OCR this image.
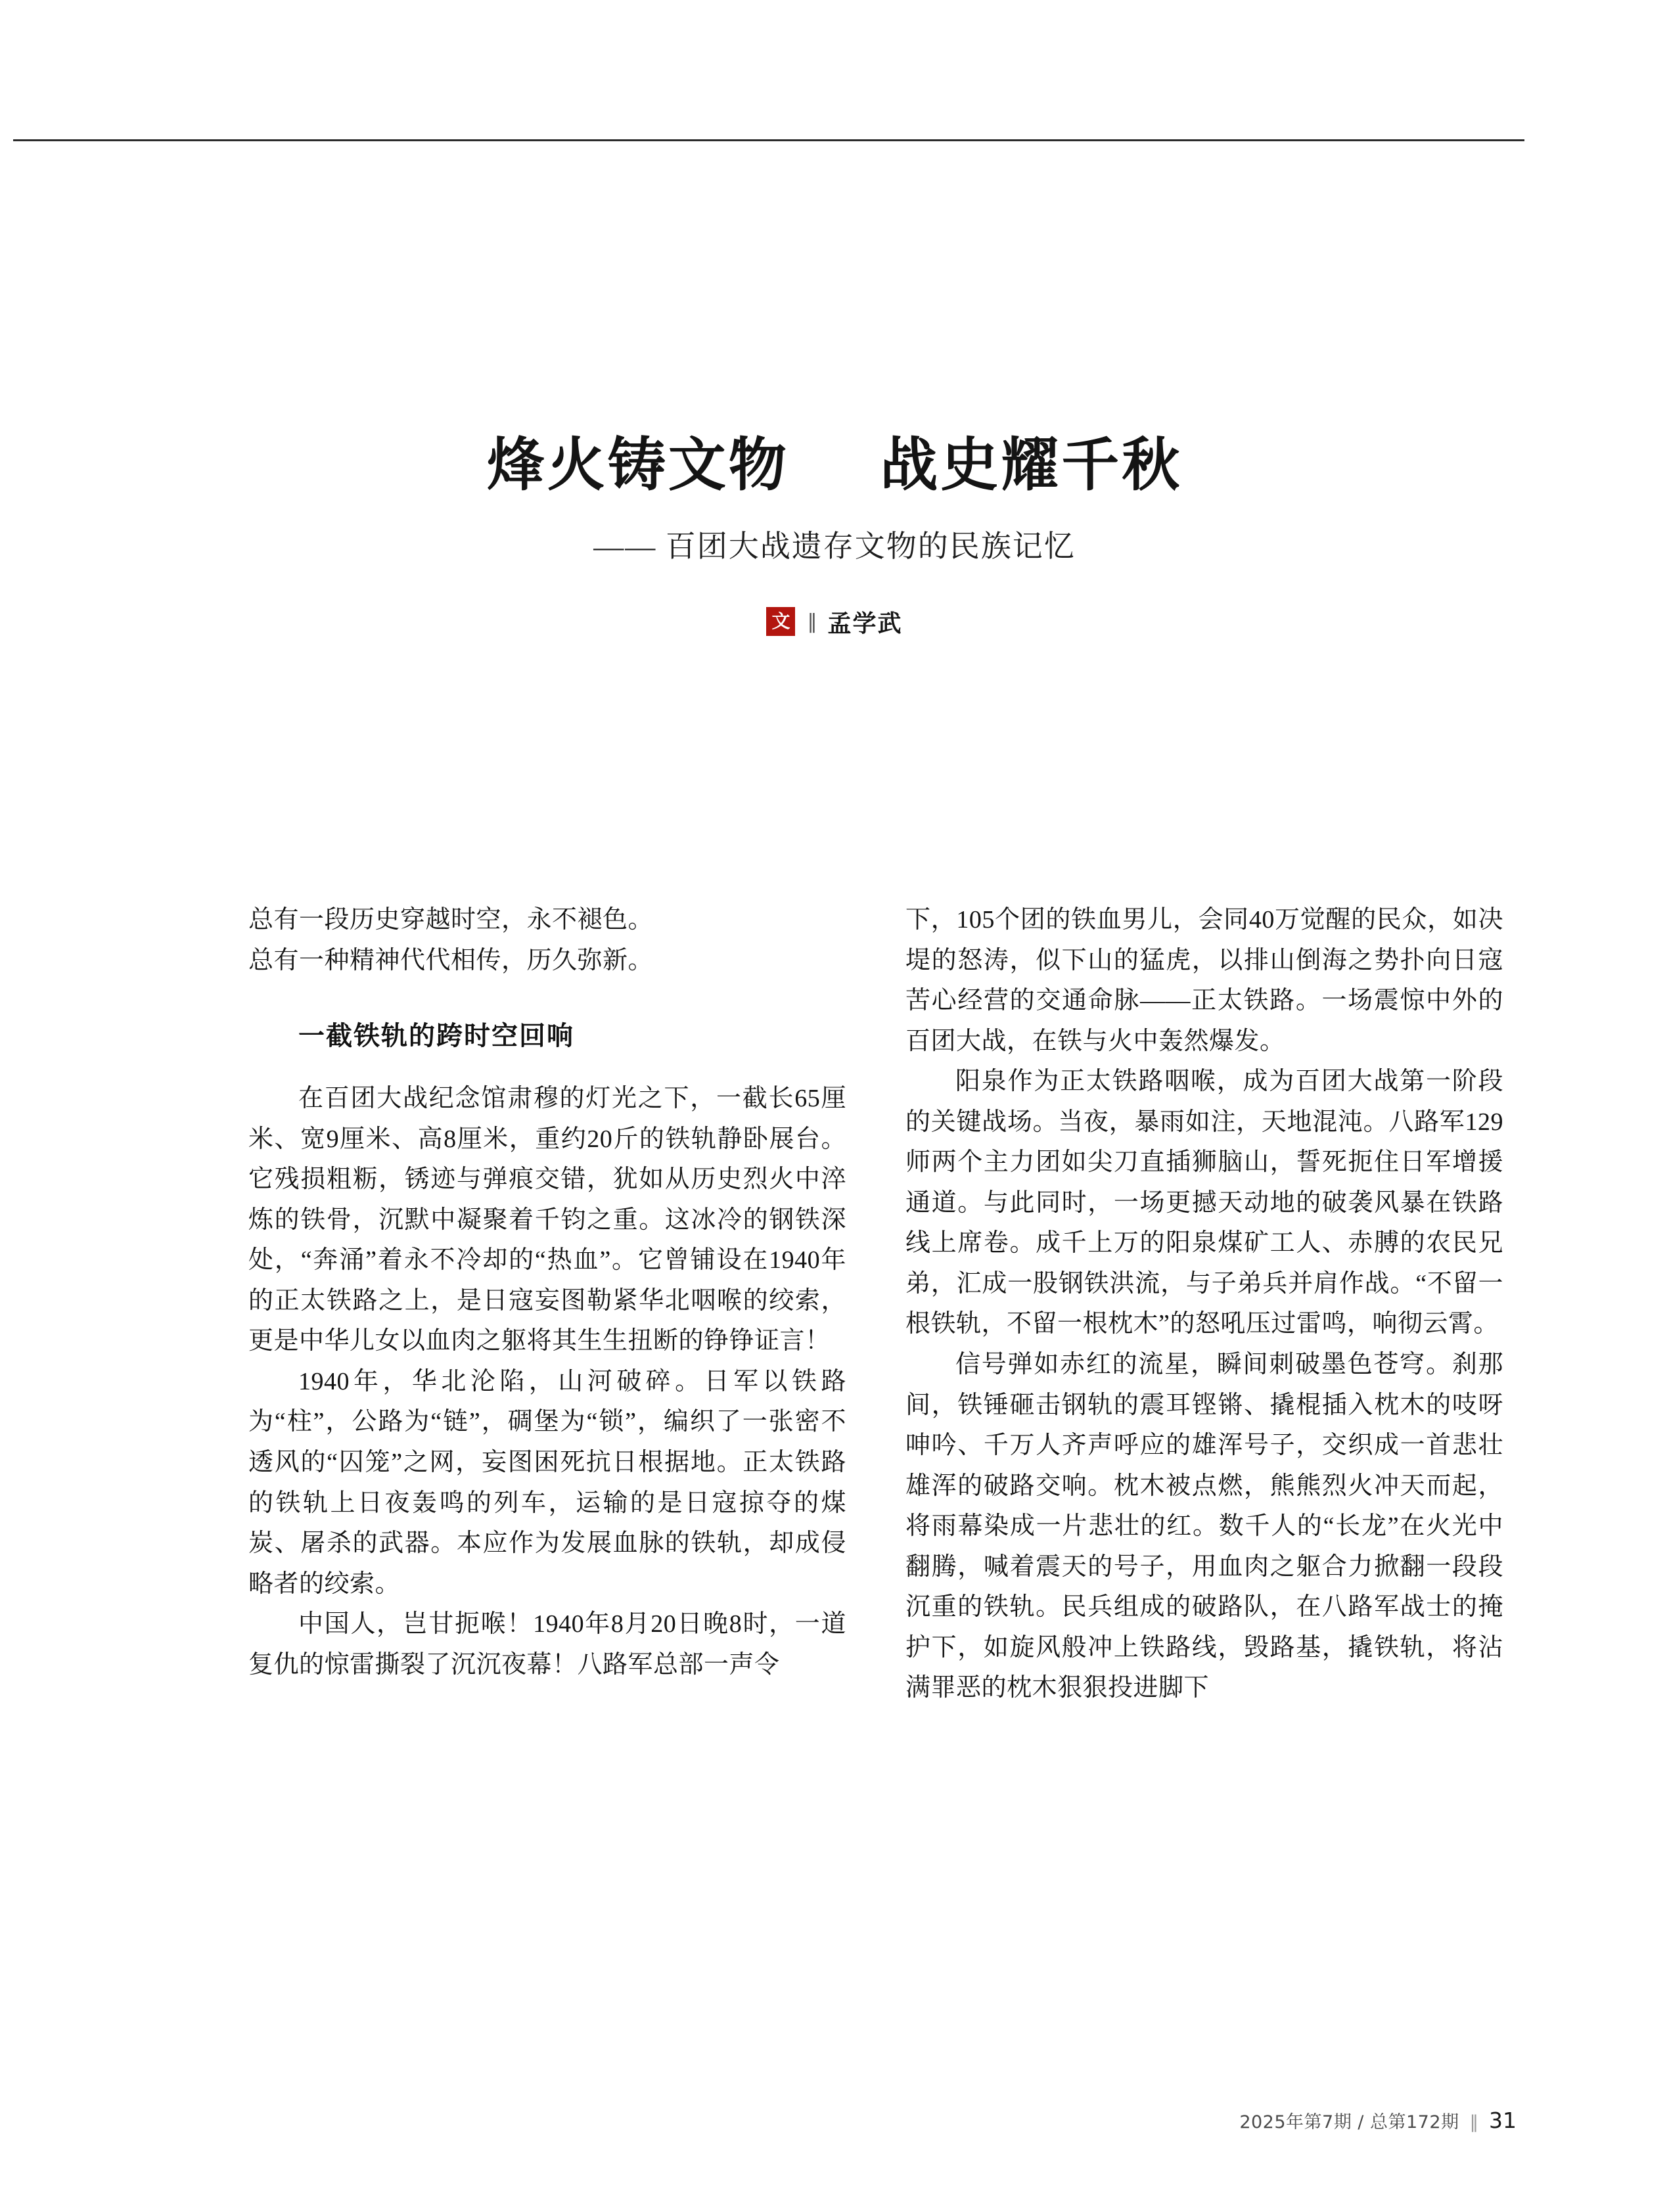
烽火铸文物    战史耀千秋
—— 百团大战遗存文物的民族记忆
文 ‖ 孟学武

总有一段历史穿越时空，永不褪色。

总有一种精神代代相传，历久弥新。

一截铁轨的跨时空回响

在百团大战纪念馆肃穆的灯光之下，一截长65厘米、宽9厘米、高8厘米，重约20斤的铁轨静卧展台。它残损粗粝，锈迹与弹痕交错，犹如从历史烈火中淬炼的铁骨，沉默中凝聚着千钧之重。这冰冷的钢铁深处，“奔涌”着永不冷却的“热血”。它曾铺设在1940年的正太铁路之上，是日寇妄图勒紧华北咽喉的绞索，更是中华儿女以血肉之躯将其生生扭断的铮铮证言！

1940年，华北沦陷，山河破碎。日军以铁路为“柱”，公路为“链”，碉堡为“锁”，编织了一张密不透风的“囚笼”之网，妄图困死抗日根据地。正太铁路的铁轨上日夜轰鸣的列车，运输的是日寇掠夺的煤炭、屠杀的武器。本应作为发展血脉的铁轨，却成侵略者的绞索。

中国人，岂甘扼喉！1940年8月20日晚8时，一道复仇的惊雷撕裂了沉沉夜幕！八路军总部一声令

下，105个团的铁血男儿，会同40万觉醒的民众，如决堤的怒涛，似下山的猛虎，以排山倒海之势扑向日寇苦心经营的交通命脉——正太铁路。一场震惊中外的百团大战，在铁与火中轰然爆发。

阳泉作为正太铁路咽喉，成为百团大战第一阶段的关键战场。当夜，暴雨如注，天地混沌。八路军129师两个主力团如尖刀直插狮脑山，誓死扼住日军增援通道。与此同时，一场更撼天动地的破袭风暴在铁路线上席卷。成千上万的阳泉煤矿工人、赤膊的农民兄弟，汇成一股钢铁洪流，与子弟兵并肩作战。“不留一根铁轨，不留一根枕木”的怒吼压过雷鸣，响彻云霄。

信号弹如赤红的流星，瞬间刺破墨色苍穹。刹那间，铁锤砸击钢轨的震耳铿锵、撬棍插入枕木的吱呀呻吟、千万人齐声呼应的雄浑号子，交织成一首悲壮雄浑的破路交响。枕木被点燃，熊熊烈火冲天而起，将雨幕染成一片悲壮的红。数千人的“长龙”在火光中翻腾，喊着震天的号子，用血肉之躯合力掀翻一段段沉重的铁轨。民兵组成的破路队，在八路军战士的掩护下，如旋风般冲上铁路线，毁路基，撬铁轨，将沾满罪恶的枕木狠狠投进脚下

2025年第7期 / 总第172期 ‖ 31
